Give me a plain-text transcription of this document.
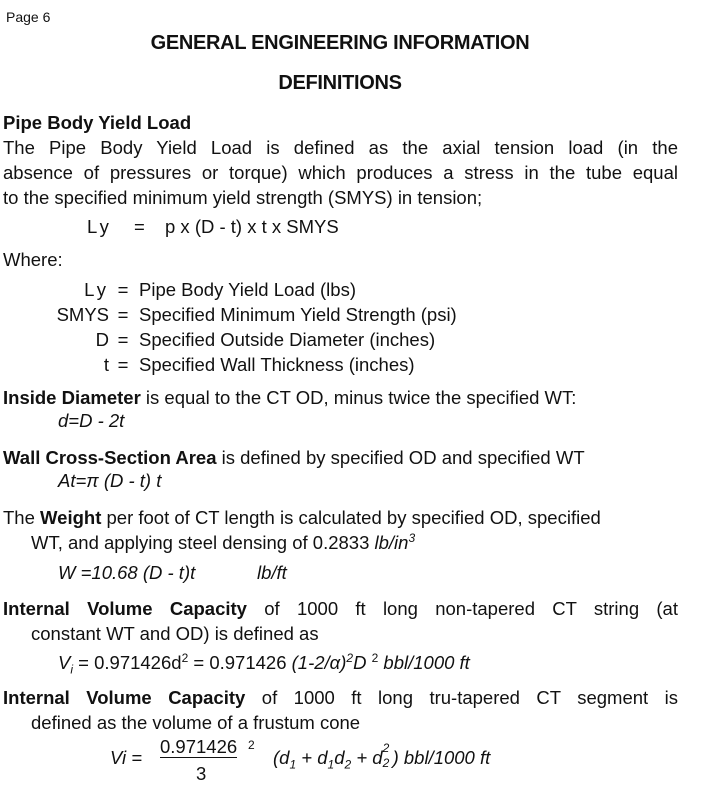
Page 6
GENERAL ENGINEERING INFORMATION
DEFINITIONS
Pipe Body Yield Load
The Pipe Body Yield Load is defined as the axial tension load (in the
absence of pressures or torque) which produces a stress in the tube equal
to the specified minimum yield strength (SMYS) in tension;
Ly = p x (D - t) x t x SMYS
Where:
Ly	=	Pipe Body Yield Load (lbs)
SMYS	=	Specified Minimum Yield Strength (psi)
D	=	Specified Outside Diameter (inches)
t	=	Specified Wall Thickness (inches)
Inside Diameter is equal to the CT OD, minus twice the specified WT:
d=D - 2t
Wall Cross-Section Area is defined by specified OD and specified WT
At=π (D - t) t
The Weight per foot of CT length is calculated by specified OD, specified
WT, and applying steel densing of 0.2833 $lb/in^3$
W =10.68 (D - t)t	lb/ft
Internal Volume Capacity of 1000 ft long non-tapered CT string (at
constant WT and OD) is defined as
$V_i = 0.971426d^2 = 0.971426$ $(1-2/\alpha)^2D$ $^2$ bbl/1000 ft
Internal Volume Capacity of 1000 ft long tru-tapered CT segment is
defined as the volume of a frustum cone
Vi =
0.971426 2
3
($d_1 + d_1d_2 + d$ 2
2 ) bbl/1000 ft
